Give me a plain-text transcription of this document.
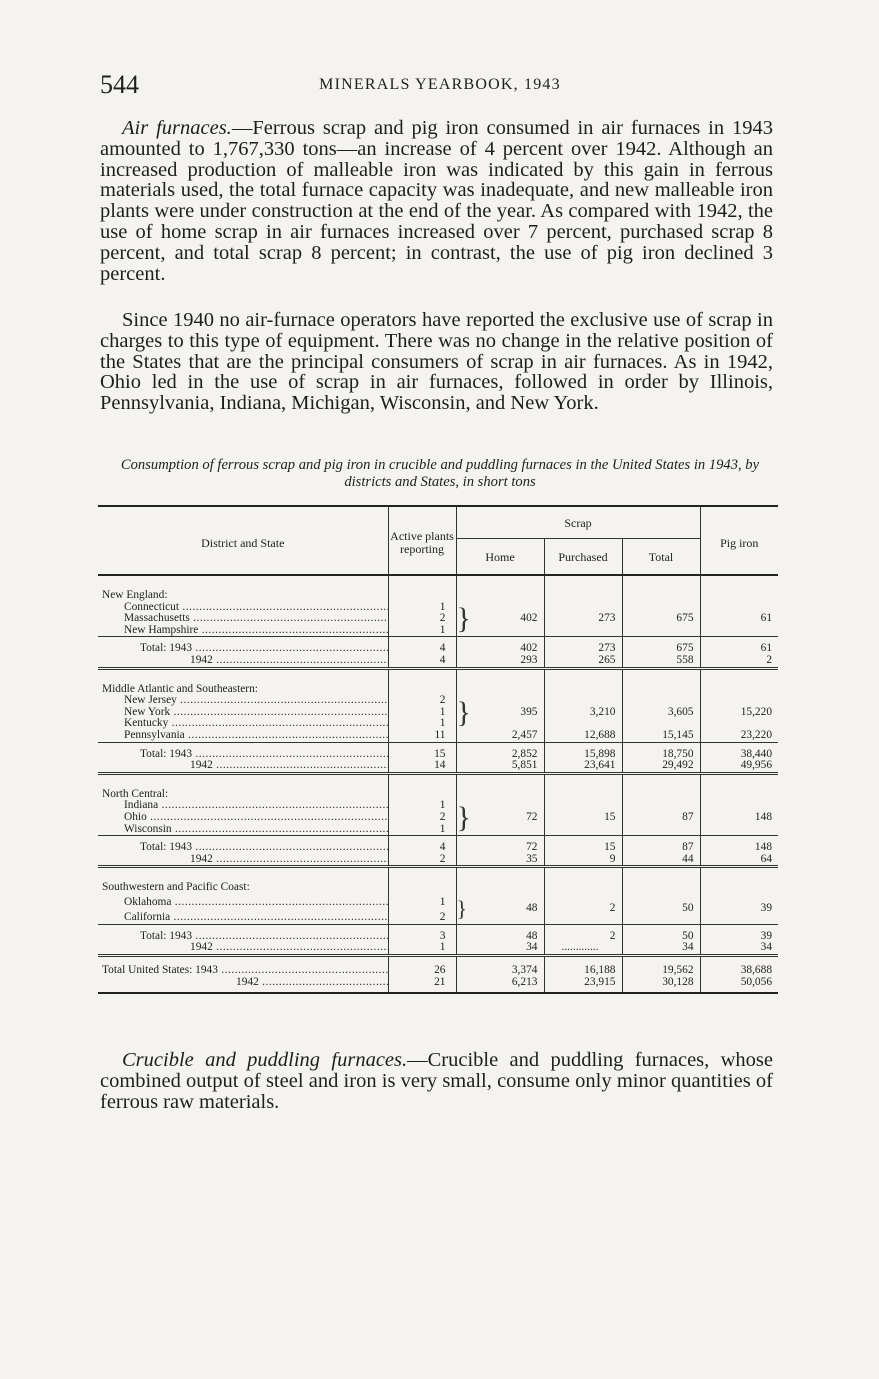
544	MINERALS YEARBOOK, 1943

Air furnaces.—Ferrous scrap and pig iron consumed in air furnaces in 1943 amounted to 1,767,330 tons—an increase of 4 percent over 1942. Although an increased production of malleable iron was indicated by this gain in ferrous materials used, the total furnace capacity was inadequate, and new malleable iron plants were under construction at the end of the year. As compared with 1942, the use of home scrap in air furnaces increased over 7 percent, purchased scrap 8 percent, and total scrap 8 percent; in contrast, the use of pig iron declined 3 percent.

Since 1940 no air-furnace operators have reported the exclusive use of scrap in charges to this type of equipment. There was no change in the relative position of the States that are the principal consumers of scrap in air furnaces. As in 1942, Ohio led in the use of scrap in air furnaces, followed in order by Illinois, Pennsylvania, Indiana, Michigan, Wisconsin, and New York.

Consumption of ferrous scrap and pig iron in crucible and puddling furnaces in the United States in 1943, by districts and States, in short tons
District and State	Active plants reporting	Scrap				Pig iron
		Home		Purchased	Total	
New England:						
Connecticut .....	1	}	402	273	675	61
Massachusetts .....	2					
New Hampshire .....	1					
Total: 1943 .....	4		402	273	675	61
1942 .....	4		293	265	558	2
Middle Atlantic and Southeastern:						
New Jersey .....	2	}	395	3,210	3,605	15,220
New York .....	1					
Kentucky .....	1					
Pennsylvania .....	11		2,457	12,688	15,145	23,220
Total: 1943 .....	15		2,852	15,898	18,750	38,440
1942 .....	14		5,851	23,641	29,492	49,956
North Central:						
Indiana .....	1	}	72	15	87	148
Ohio .....	2					
Wisconsin .....	1					
Total: 1943 .....	4		72	15	87	148
1942 .....	2		35	9	44	64
Southwestern and Pacific Coast:						
Oklahoma .....	1	}	48	2	50	39
California .....	2					
Total: 1943 .....	3		48	2	50	39
1942 .....	1		34	.............	34	34
Total United States: 1943 .....	26		3,374	16,188	19,562	38,688
1942 .....	21		6,213	23,915	30,128	50,056

Crucible and puddling furnaces.—Crucible and puddling furnaces, whose combined output of steel and iron is very small, consume only minor quantities of ferrous raw materials.
